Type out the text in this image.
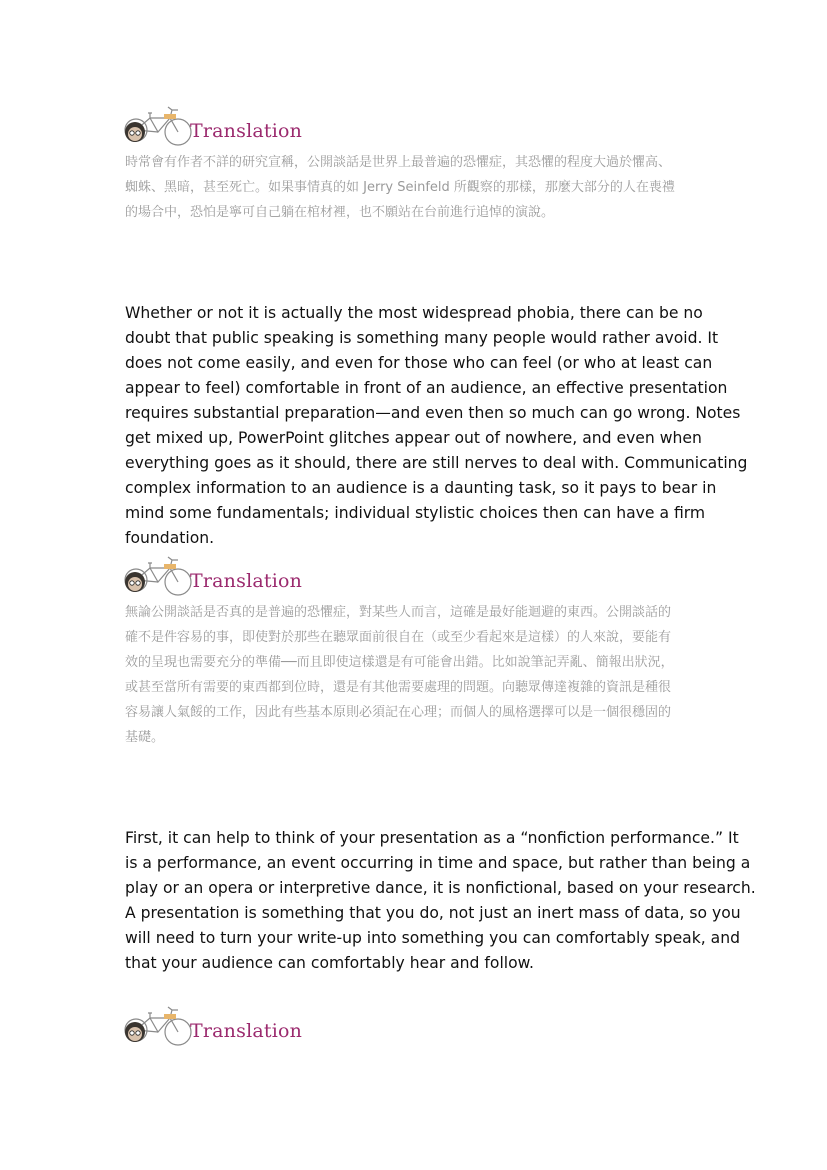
Translation
時常會有作者不詳的研究宣稱，公開談話是世界上最普遍的恐懼症，其恐懼的程度大過於懼高、
蜘蛛、黑暗，甚至死亡。如果事情真的如 Jerry Seinfeld 所觀察的那樣，那麼大部分的人在喪禮
的場合中，恐怕是寧可自己躺在棺材裡，也不願站在台前進行追悼的演說。
Whether or not it is actually the most widespread phobia, there can be no
doubt that public speaking is something many people would rather avoid. It
does not come easily, and even for those who can feel (or who at least can
appear to feel) comfortable in front of an audience, an effective presentation
requires substantial preparation—and even then so much can go wrong. Notes
get mixed up, PowerPoint glitches appear out of nowhere, and even when
everything goes as it should, there are still nerves to deal with. Communicating
complex information to an audience is a daunting task, so it pays to bear in
mind some fundamentals; individual stylistic choices then can have a firm
foundation.
Translation
無論公開談話是否真的是普遍的恐懼症，對某些人而言，這確是最好能迴避的東西。公開談話的
確不是件容易的事，即使對於那些在聽眾面前很自在（或至少看起來是這樣）的人來說，要能有
效的呈現也需要充分的準備──而且即使這樣還是有可能會出錯。比如說筆記弄亂、簡報出狀況，
或甚至當所有需要的東西都到位時，還是有其他需要處理的問題。向聽眾傳達複雜的資訊是種很
容易讓人氣餒的工作，因此有些基本原則必須記在心理；而個人的風格選擇可以是一個很穩固的
基礎。
First, it can help to think of your presentation as a “nonfiction performance.” It
is a performance, an event occurring in time and space, but rather than being a
play or an opera or interpretive dance, it is nonfictional, based on your research.
A presentation is something that you do, not just an inert mass of data, so you
will need to turn your write-up into something you can comfortably speak, and
that your audience can comfortably hear and follow.
Translation
